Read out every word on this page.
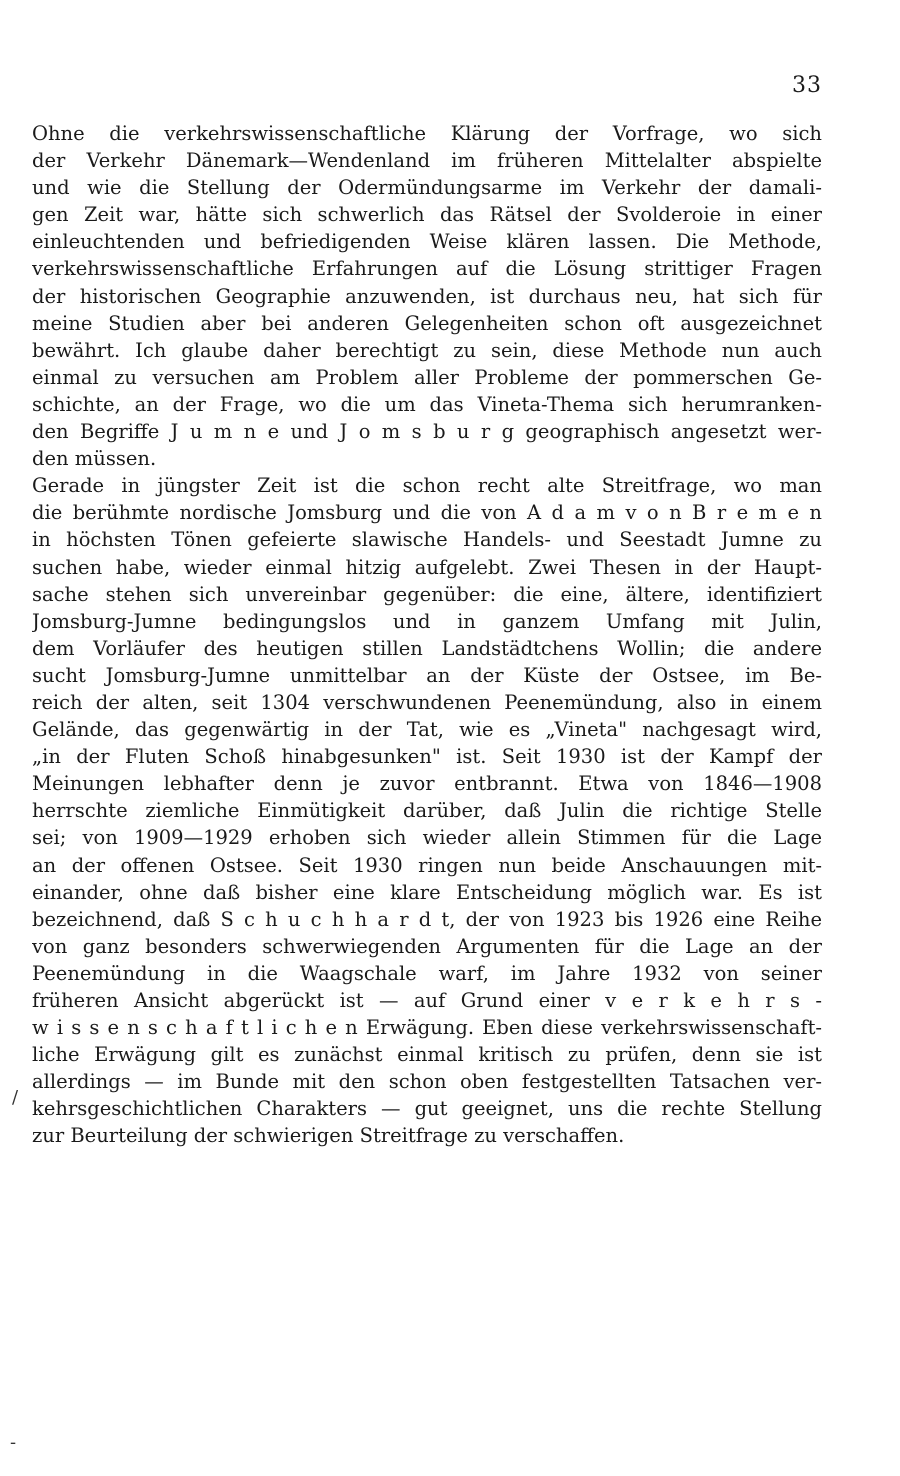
33
Ohne die verkehrswissenschaftliche Klärung der Vorfrage, wo sich
der Verkehr Dänemark—Wendenland im früheren Mittelalter abspielte
und wie die Stellung der Odermündungsarme im Verkehr der damali-
gen Zeit war, hätte sich schwerlich das Rätsel der Svolderoie in einer
einleuchtenden und befriedigenden Weise klären lassen. Die Methode,
verkehrswissenschaftliche Erfahrungen auf die Lösung strittiger Fragen
der historischen Geographie anzuwenden, ist durchaus neu, hat sich für
meine Studien aber bei anderen Gelegenheiten schon oft ausgezeichnet
bewährt. Ich glaube daher berechtigt zu sein, diese Methode nun auch
einmal zu versuchen am Problem aller Probleme der pommerschen Ge-
schichte, an der Frage, wo die um das Vineta-Thema sich herumranken-
den Begriffe J u m n e und J o m s b u r g geographisch angesetzt wer-
den müssen.
Gerade in jüngster Zeit ist die schon recht alte Streitfrage, wo man
die berühmte nordische Jomsburg und die von A d a m v o n B r e m e n
in höchsten Tönen gefeierte slawische Handels- und Seestadt Jumne zu
suchen habe, wieder einmal hitzig aufgelebt. Zwei Thesen in der Haupt-
sache stehen sich unvereinbar gegenüber: die eine, ältere, identifiziert
Jomsburg-Jumne bedingungslos und in ganzem Umfang mit Julin,
dem Vorläufer des heutigen stillen Landstädtchens Wollin; die andere
sucht Jomsburg-Jumne unmittelbar an der Küste der Ostsee, im Be-
reich der alten, seit 1304 verschwundenen Peenemündung, also in einem
Gelände, das gegenwärtig in der Tat, wie es „Vineta" nachgesagt wird,
„in der Fluten Schoß hinabgesunken" ist. Seit 1930 ist der Kampf der
Meinungen lebhafter denn je zuvor entbrannt. Etwa von 1846—1908
herrschte ziemliche Einmütigkeit darüber, daß Julin die richtige Stelle
sei; von 1909—1929 erhoben sich wieder allein Stimmen für die Lage
an der offenen Ostsee. Seit 1930 ringen nun beide Anschauungen mit-
einander, ohne daß bisher eine klare Entscheidung möglich war. Es ist
bezeichnend, daß S c h u c h h a r d t, der von 1923 bis 1926 eine Reihe
von ganz besonders schwerwiegenden Argumenten für die Lage an der
Peenemündung in die Waagschale warf, im Jahre 1932 von seiner
früheren Ansicht abgerückt ist — auf Grund einer v e r k e h r s -
w i s s e n s c h a f t l i c h e n Erwägung. Eben diese verkehrswissenschaft-
liche Erwägung gilt es zunächst einmal kritisch zu prüfen, denn sie ist
allerdings — im Bunde mit den schon oben festgestellten Tatsachen ver-
kehrsgeschichtlichen Charakters — gut geeignet, uns die rechte Stellung
zur Beurteilung der schwierigen Streitfrage zu verschaffen.
/
-
